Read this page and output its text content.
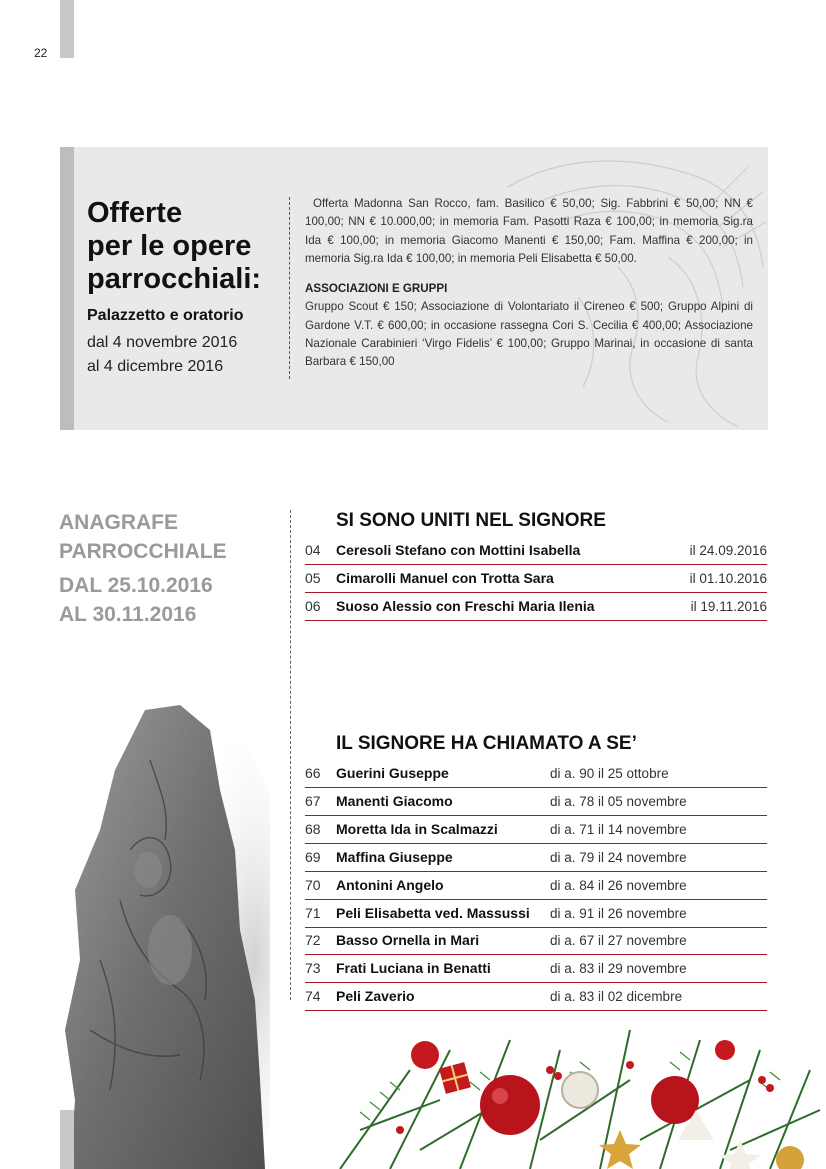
22
Offerte
per le opere
parrocchiali:
Palazzetto e oratorio
dal 4 novembre 2016
al 4 dicembre 2016

Offerta Madonna San Rocco, fam. Basilico € 50,00; Sig. Fabbrini € 50,00; NN € 100,00; NN € 10.000,00; in memoria Fam. Pasotti Raza € 100,00; in memoria Sig.ra Ida € 100,00; in memoria Giacomo Manenti € 150,00; Fam. Maffina € 200,00; in memoria Sig.ra Ida € 100,00; in memoria Peli Elisabetta € 50,00.

ASSOCIAZIONI E GRUPPI

Gruppo Scout € 150; Associazione di Volontariato il Cireneo € 500; Gruppo Alpini di Gardone V.T. € 600,00; in occasione rassegna Cori S. Cecilia € 400,00; Associazione Nazionale Carabinieri ‘Virgo Fidelis’ € 100,00; Gruppo Marinai, in occasione di santa Barbara € 150,00

ANAGRAFE
PARROCCHIALE
DAL 25.10.2016
AL 30.11.2016
SI SONO UNITI NEL SIGNORE
04 Ceresoli Stefano con Mottini Isabella	il 24.09.2016
05 Cimarolli Manuel con Trotta Sara	il 01.10.2016
06 Suoso Alessio con Freschi Maria Ilenia	il 19.11.2016
IL SIGNORE HA CHIAMATO A SE’
66 Guerini Guseppe	di a. 90 il 25 ottobre
67 Manenti Giacomo	di a. 78 il 05 novembre
68 Moretta Ida in Scalmazzi	di a. 71 il 14 novembre
69 Maffina Giuseppe	di a. 79 il 24 novembre
70 Antonini Angelo	di a. 84 il 26 novembre
71 Peli Elisabetta ved. Massussi di a. 91 il 26 novembre
72 Basso Ornella in Mari	di a. 67 il 27 novembre
73 Frati Luciana in Benatti	di a. 83 il 29 novembre
74 Peli Zaverio	di a. 83 il 02 dicembre
